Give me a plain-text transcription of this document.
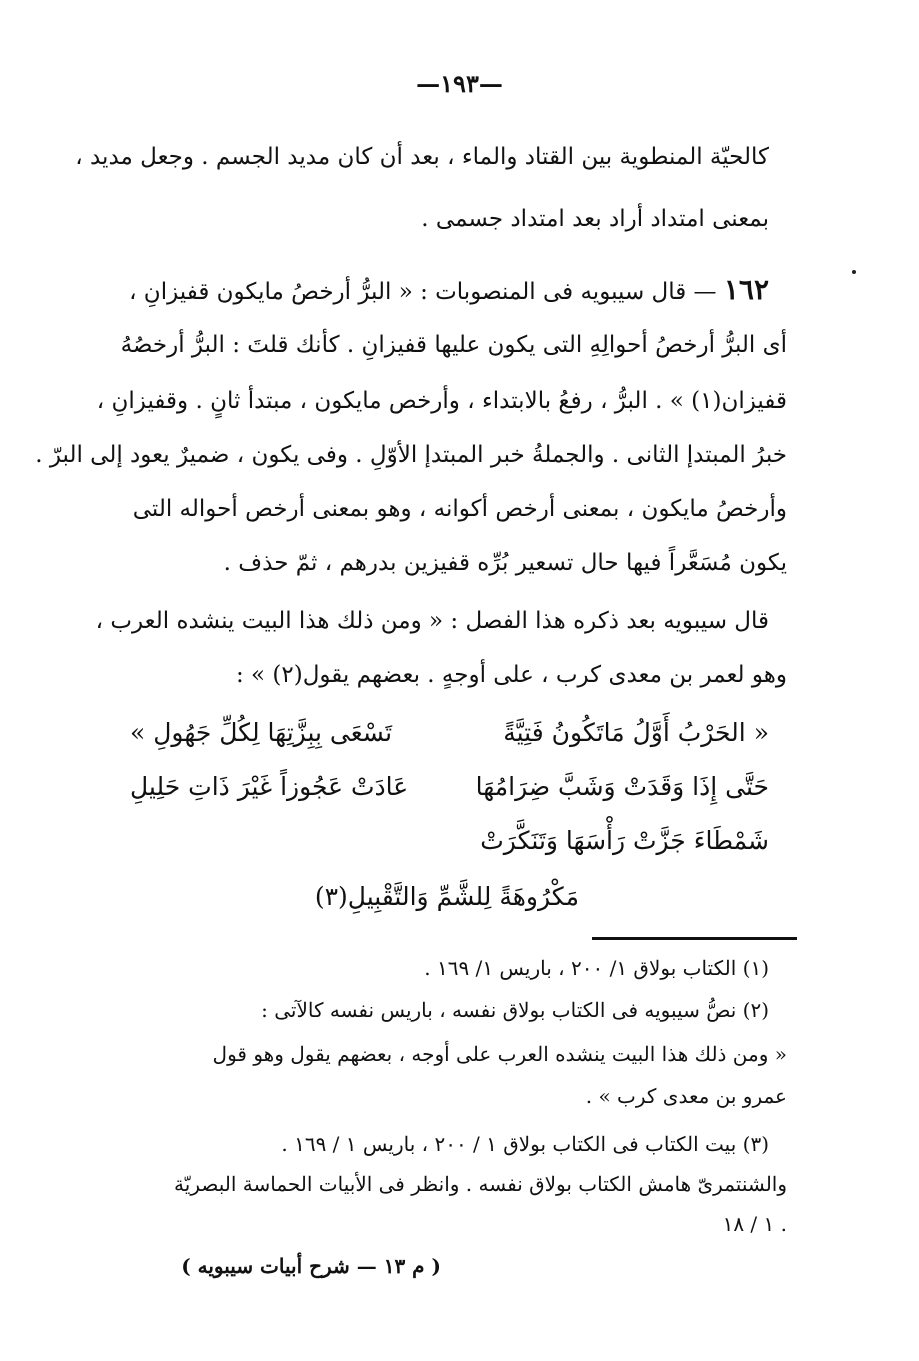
—١٩٣—
كالحيّة المنطوية بين القتاد والماء ، بعد أن كان مديد الجسم . وجعل مديد ،
بمعنى امتداد أراد بعد امتداد جسمى .
١٦٢ — قال سيبويه فى المنصوبات : « البرُّ أرخصُ مايكون قفيزانِ ،
أى البرُّ أرخصُ أحوالِهِ التى يكون عليها قفيزانِ . كأنك قلتَ : البرُّ أرخصُهُ
قفيزان(١) » . البرُّ ، رفعُ بالابتداء ، وأرخص مايكون ، مبتدأ ثانٍ . وقفيزانِ ،
خبرُ المبتدإ الثانى . والجملةُ خبر المبتدإ الأوّلِ . وفى يكون ، ضميرٌ يعود إلى البرّ .
وأرخصُ مايكون ، بمعنى أرخص أكوانه ، وهو بمعنى أرخص أحواله التى
يكون مُسَعَّراً فيها حال تسعير بُرِّه قفيزين بدرهم ، ثمّ حذف .
قال سيبويه بعد ذكره هذا الفصل : « ومن ذلك هذا البيت ينشده العرب ،
وهو لعمر بن معدى كرب ، على أوجهٍ . بعضهم يقول(٢) » :
« الحَرْبُ أَوَّلُ مَاتَكُونُ فَتِيَّةً
تَسْعَى بِبِزَّتِهَا لِكُلِّ جَهُولِ »
حَتَّى إِذَا وَقَدَتْ وَشَبَّ ضِرَامُهَا
عَادَتْ عَجُوزاً غَيْرَ ذَاتِ حَلِيلِ
شَمْطَاءَ جَزَّتْ رَأْسَهَا وَتَنَكَّرَتْ
مَكْرُوهَةً لِلشَّمِّ وَالتَّقْبِيلِ(٣)
(١) الكتاب بولاق ١/ ٢٠٠ ، باريس ١/ ١٦٩ .
(٢) نصُّ سيبويه فى الكتاب بولاق نفسه ، باريس نفسه كالآتى :
« ومن ذلك هذا البيت ينشده العرب على أوجه ، بعضهم يقول وهو قول
عمرو بن معدى كرب » .
(٣) بيت الكتاب فى الكتاب بولاق ١ / ٢٠٠ ، باريس ١ / ١٦٩ .
والشنتمرىّ هامش الكتاب بولاق نفسه . وانظر فى الأبيات الحماسة البصريّة
١ / ١٨ .
( م ١٣ — شرح أبيات سيبويه )
